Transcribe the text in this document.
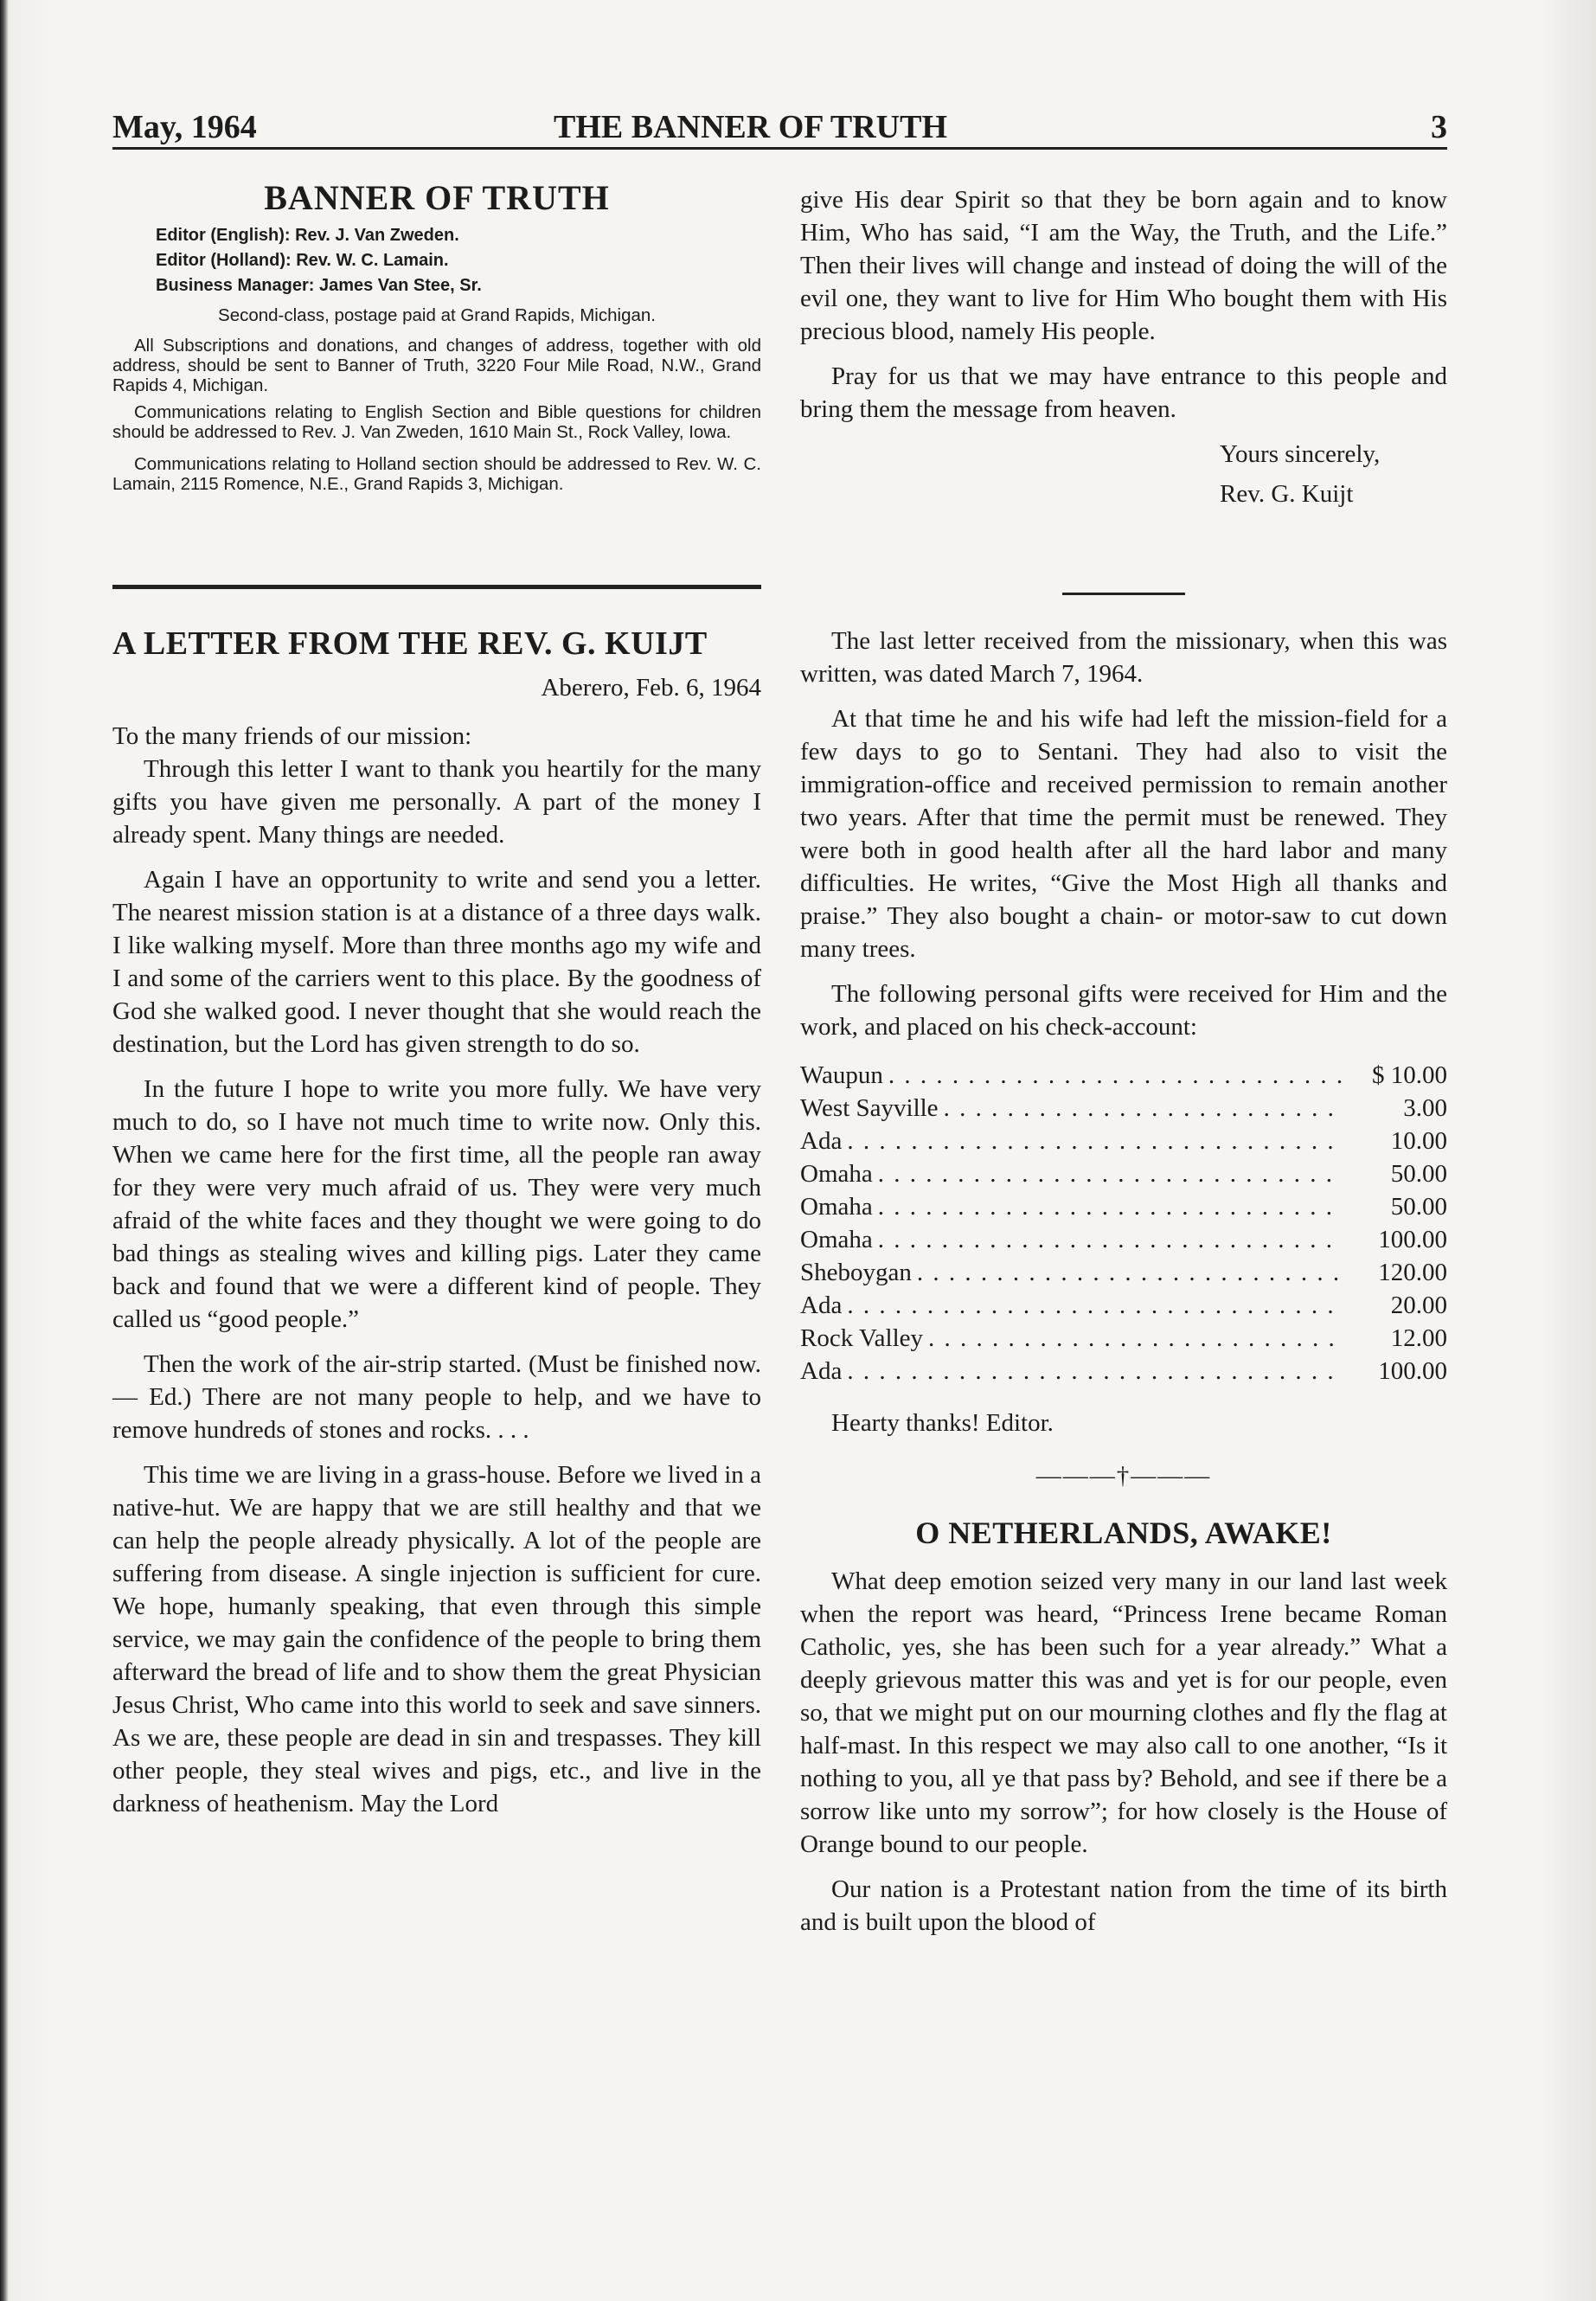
May, 1964	THE BANNER OF TRUTH	3
BANNER OF TRUTH
Editor (English): Rev. J. Van Zweden.
Editor (Holland): Rev. W. C. Lamain.
Business Manager: James Van Stee, Sr.
Second-class, postage paid at Grand Rapids, Michigan.
All Subscriptions and donations, and changes of address, together with old address, should be sent to Banner of Truth, 3220 Four Mile Road, N.W., Grand Rapids 4, Michigan.
Communications relating to English Section and Bible questions for children should be addressed to Rev. J. Van Zweden, 1610 Main St., Rock Valley, Iowa.
Communications relating to Holland section should be addressed to Rev. W. C. Lamain, 2115 Romence, N.E., Grand Rapids 3, Michigan.
A LETTER FROM THE REV. G. KUIJT
Aberero, Feb. 6, 1964

To the many friends of our mission:

Through this letter I want to thank you heartily for the many gifts you have given me personally. A part of the money I already spent. Many things are needed.

Again I have an opportunity to write and send you a letter. The nearest mission station is at a distance of a three days walk. I like walking myself. More than three months ago my wife and I and some of the carriers went to this place. By the goodness of God she walked good. I never thought that she would reach the destination, but the Lord has given strength to do so.

In the future I hope to write you more fully. We have very much to do, so I have not much time to write now. Only this. When we came here for the first time, all the people ran away for they were very much afraid of us. They were very much afraid of the white faces and they thought we were going to do bad things as stealing wives and killing pigs. Later they came back and found that we were a different kind of people. They called us “good people.”

Then the work of the air-strip started. (Must be finished now. — Ed.) There are not many people to help, and we have to remove hundreds of stones and rocks. . . .

This time we are living in a grass-house. Before we lived in a native-hut. We are happy that we are still healthy and that we can help the people already physically. A lot of the people are suffering from disease. A single injection is sufficient for cure. We hope, humanly speaking, that even through this simple service, we may gain the confidence of the people to bring them afterward the bread of life and to show them the great Physician Jesus Christ, Who came into this world to seek and save sinners. As we are, these people are dead in sin and trespasses. They kill other people, they steal wives and pigs, etc., and live in the darkness of heathenism. May the Lord

give His dear Spirit so that they be born again and to know Him, Who has said, “I am the Way, the Truth, and the Life.” Then their lives will change and instead of doing the will of the evil one, they want to live for Him Who bought them with His precious blood, namely His people.

Pray for us that we may have entrance to this people and bring them the message from heaven.

Yours sincerely,
Rev. G. Kuijt

The last letter received from the missionary, when this was written, was dated March 7, 1964.

At that time he and his wife had left the mission-field for a few days to go to Sentani. They had also to visit the immigration-office and received permission to remain another two years. After that time the permit must be renewed. They were both in good health after all the hard labor and many difficulties. He writes, “Give the Most High all thanks and praise.” They also bought a chain- or motor-saw to cut down many trees.

The following personal gifts were received for Him and the work, and placed on his check-account:

Waupun . . .	$ 10.00
West Sayville . . .	3.00
Ada . . .	10.00
Omaha . . .	50.00
Omaha . . .	50.00
Omaha . . .	100.00
Sheboygan . . .	120.00
Ada . . .	20.00
Rock Valley . . .	12.00
Ada . . .	100.00

Hearty thanks! Editor.

———†———
O NETHERLANDS, AWAKE!

What deep emotion seized very many in our land last week when the report was heard, “Princess Irene became Roman Catholic, yes, she has been such for a year already.” What a deeply grievous matter this was and yet is for our people, even so, that we might put on our mourning clothes and fly the flag at half-mast. In this respect we may also call to one another, “Is it nothing to you, all ye that pass by? Behold, and see if there be a sorrow like unto my sorrow”; for how closely is the House of Orange bound to our people.

Our nation is a Protestant nation from the time of its birth and is built upon the blood of
